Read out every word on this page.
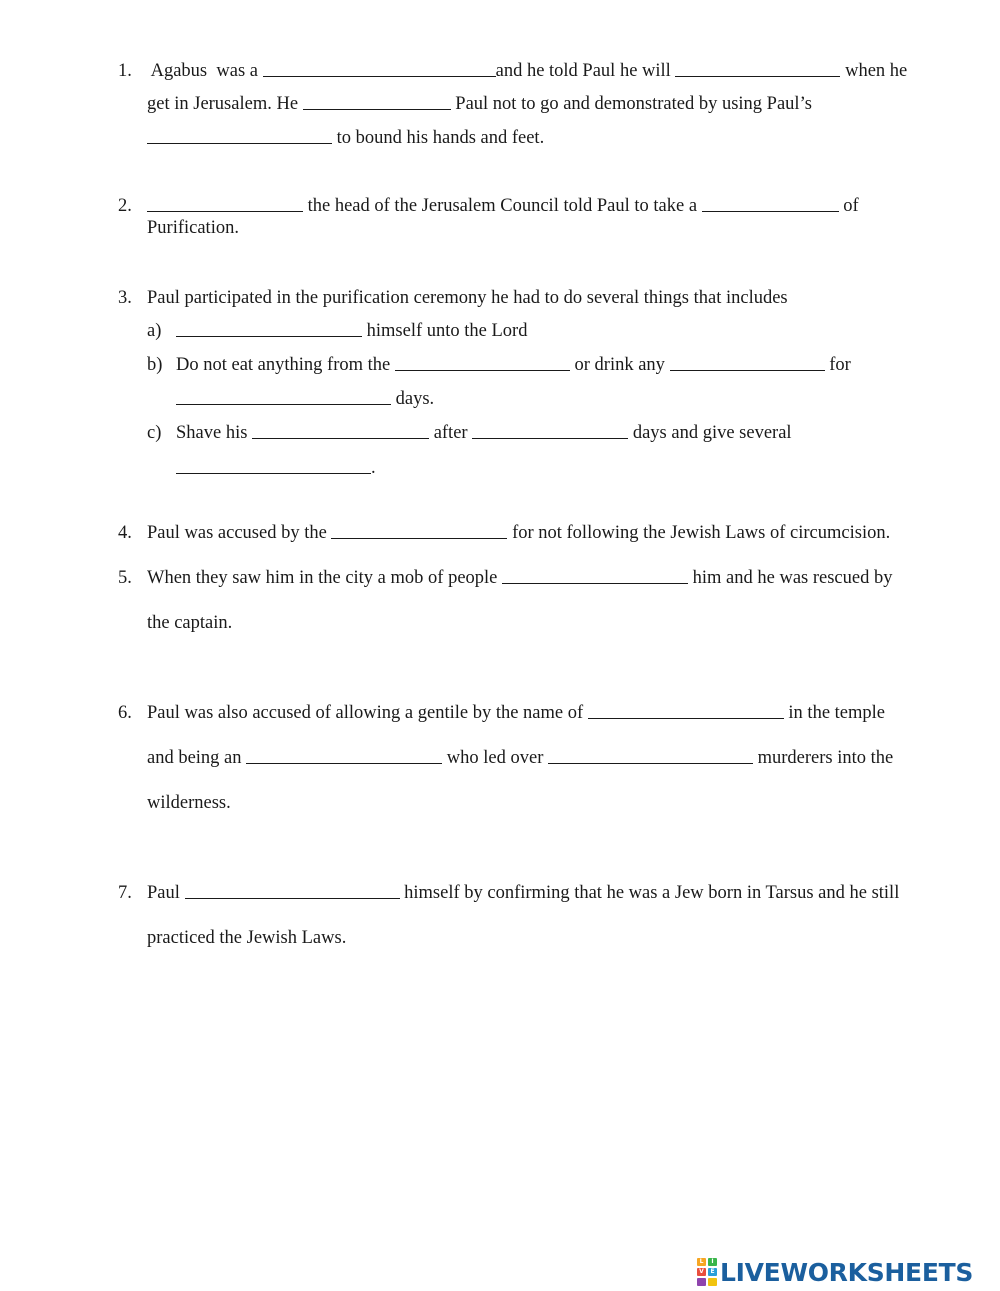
1. Agabus  was a	and he told Paul he will	when he
get in Jerusalem. He	Paul not to go and demonstrated by using Paul’s
to bound his hands and feet.
2.	the head of the Jerusalem Council told Paul to take a	of
Purification.
3. Paul participated in the purification ceremony he had to do several things that includes
a)	himself unto the Lord
b) Do not eat anything from the	or drink any	for
days.
c) Shave his	after	days and give several
.
4. Paul was accused by the	for not following the Jewish Laws of circumcision.
5. When they saw him in the city a mob of people	him and he was rescued by
the captain.
6. Paul was also accused of allowing a gentile by the name of	in the temple
and being an	who led over	murderers into the
wilderness.
7. Paul	himself by confirming that he was a Jew born in Tarsus and he still
practiced the Jewish Laws.
L	I
V	E LIVEWORKSHEETS
